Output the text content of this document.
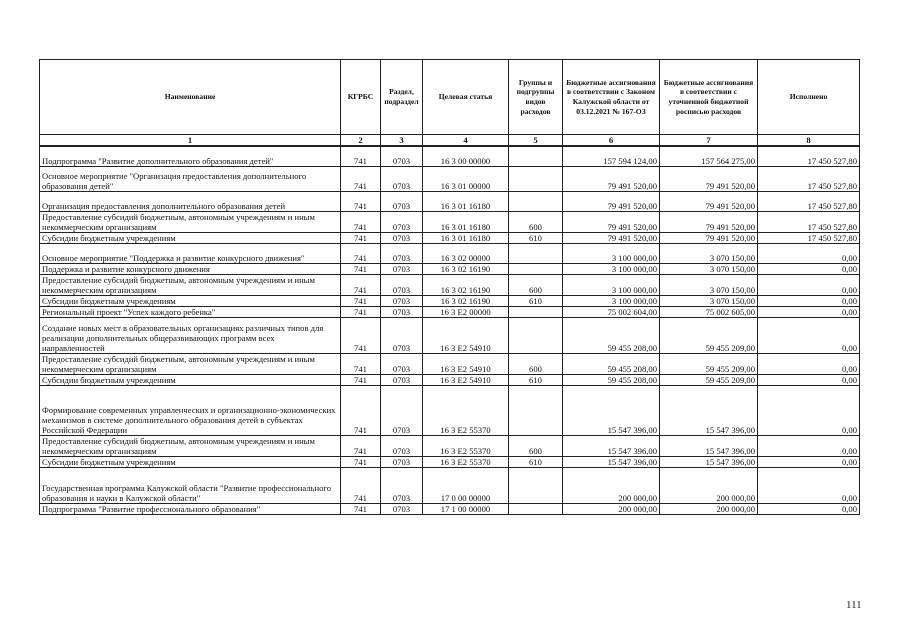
Наименование	КГРБС	Раздел, подраздел	Целевая статья	Группы и подгруппы видов расходов	Бюджетные ассигнования в соответствии с Законом Калужской области от 03.12.2021 № 167-ОЗ	Бюджетные ассигнования в соответствии с уточненной бюджетной росписью расходов	Исполнено
1	2	3	4	5	6	7	8
Подпрограмма "Развитие дополнительного образования детей"	741	0703	16 3 00 00000		157 594 124,00	157 564 275,00	17 450 527,80
Основное мероприятие "Организация предоставления дополнительного образования детей"	741	0703	16 3 01 00000		79 491 520,00	79 491 520,00	17 450 527,80
Организация предоставления дополнительного образования детей	741	0703	16 3 01 16180		79 491 520,00	79 491 520,00	17 450 527,80
Предоставление субсидий бюджетным, автономным учреждениям и иным некоммерческим организациям	741	0703	16 3 01 16180	600	79 491 520,00	79 491 520,00	17 450 527,80
Субсидии бюджетным учреждениям	741	0703	16 3 01 16180	610	79 491 520,00	79 491 520,00	17 450 527,80
Основное мероприятие "Поддержка и развитие конкурсного движения"	741	0703	16 3 02 00000		3 100 000,00	3 070 150,00	0,00
Поддержка и развитие конкурсного движения	741	0703	16 3 02 16190		3 100 000,00	3 070 150,00	0,00
Предоставление субсидий бюджетным, автономным учреждениям и иным некоммерческим организациям	741	0703	16 3 02 16190	600	3 100 000,00	3 070 150,00	0,00
Субсидии бюджетным учреждениям	741	0703	16 3 02 16190	610	3 100 000,00	3 070 150,00	0,00
Региональный проект "Успех каждого ребенка"	741	0703	16 3 E2 00000		75 002 604,00	75 002 605,00	0,00
Создание новых мест в образовательных организациях различных типов для реализации дополнительных общеразвивающих программ всех направленностей	741	0703	16 3 E2 54910		59 455 208,00	59 455 209,00	0,00
Предоставление субсидий бюджетным, автономным учреждениям и иным некоммерческим организациям	741	0703	16 3 E2 54910	600	59 455 208,00	59 455 209,00	0,00
Субсидии бюджетным учреждениям	741	0703	16 3 E2 54910	610	59 455 208,00	59 455 209,00	0,00
Формирование современных управленческих и организационно-экономических механизмов в системе дополнительного образования детей в субъектах Российской Федерации	741	0703	16 3 E2 55370		15 547 396,00	15 547 396,00	0,00
Предоставление субсидий бюджетным, автономным учреждениям и иным некоммерческим организациям	741	0703	16 3 E2 55370	600	15 547 396,00	15 547 396,00	0,00
Субсидии бюджетным учреждениям	741	0703	16 3 E2 55370	610	15 547 396,00	15 547 396,00	0,00
Государственная программа Калужской области "Развитие профессионального образования и науки в Калужской области"	741	0703	17 0 00 00000		200 000,00	200 000,00	0,00
Подпрограмма "Развитие профессионального образования"	741	0703	17 1 00 00000		200 000,00	200 000,00	0,00
111
